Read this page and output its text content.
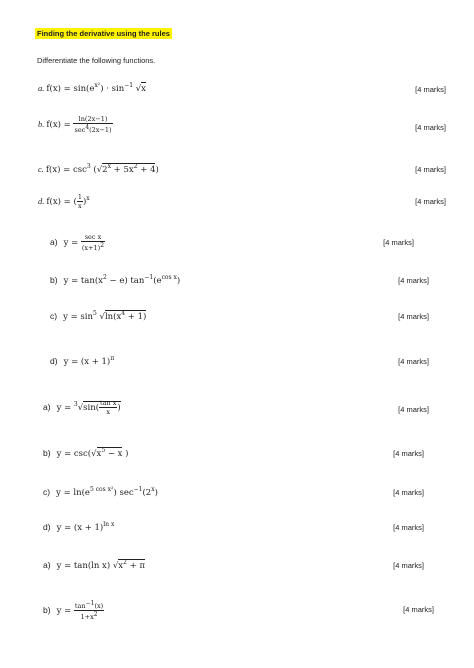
Finding the derivative using the rules
Differentiate the following functions.
a. $f(x) = \sin(e^{x^2}) \cdot \sin^{-1} √x$	[4 marks]
b. $f(x) = \frac{\ln(2x-1)}{\sec^4(2x-1)}$	[4 marks]
c. $f(x) = \csc^3 (√2^x + 5x^2 + 4)$	[4 marks]
d. f(x) = ( $\frac{1}{x} )^x$	[4 marks]
a) $y = \frac{\text{sec x}}{(x+1)^2}$	[4 marks]
b) $y = \tan(x^2 - e)$ $\tan^{-1}(e^{cos x})$	[4 marks]
c) $y = \sin^5 √\ln(x^4 + 1)$	[4 marks]
d) $y = (x + 1)^\pi$	[4 marks]
a) $y = ^3√\sin( \frac{\text{tan x}}{x}$ )	[4 marks]
b) $y = \csc(√x^5 - x$ )	[4 marks]
c) $y = \ln(e^{5 cos x^2})$ $\sec^{-1}(2^x)$	[4 marks]
d) $y = (x + 1)^{ln x}$	[4 marks]
a) y = tan(ln x) $√x^2 + \pi$	[4 marks]
b) $y = \frac{\tan^{-1}(x)}{1+x^2}$	[4 marks]
